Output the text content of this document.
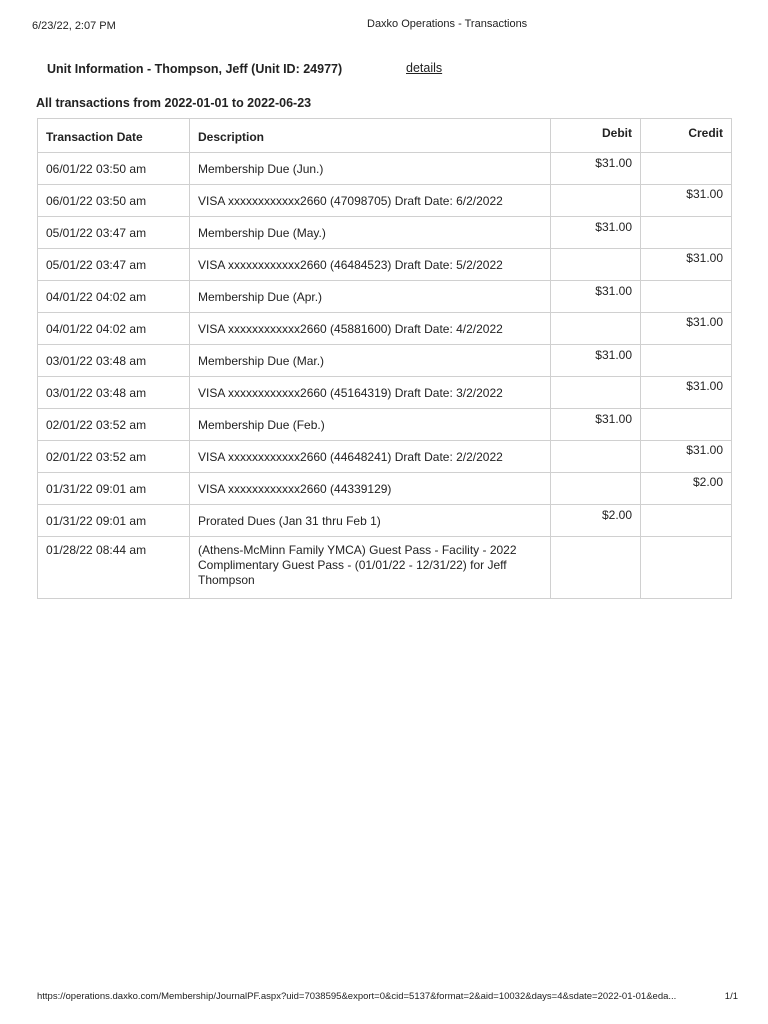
6/23/22, 2:07 PM	Daxko Operations - Transactions
Unit Information - Thompson, Jeff (Unit ID: 24977)	details
All transactions from 2022-01-01 to 2022-06-23
Transaction Date	Description	Debit	Credit
06/01/22 03:50 am	Membership Due (Jun.)	$31.00	
06/01/22 03:50 am	VISA xxxxxxxxxxxx2660 (47098705) Draft Date: 6/2/2022		$31.00
05/01/22 03:47 am	Membership Due (May.)	$31.00	
05/01/22 03:47 am	VISA xxxxxxxxxxxx2660 (46484523) Draft Date: 5/2/2022		$31.00
04/01/22 04:02 am	Membership Due (Apr.)	$31.00	
04/01/22 04:02 am	VISA xxxxxxxxxxxx2660 (45881600) Draft Date: 4/2/2022		$31.00
03/01/22 03:48 am	Membership Due (Mar.)	$31.00	
03/01/22 03:48 am	VISA xxxxxxxxxxxx2660 (45164319) Draft Date: 3/2/2022		$31.00
02/01/22 03:52 am	Membership Due (Feb.)	$31.00	
02/01/22 03:52 am	VISA xxxxxxxxxxxx2660 (44648241) Draft Date: 2/2/2022		$31.00
01/31/22 09:01 am	VISA xxxxxxxxxxxx2660 (44339129)		$2.00
01/31/22 09:01 am	Prorated Dues (Jan 31 thru Feb 1)	$2.00	
01/28/22 08:44 am	(Athens-McMinn Family YMCA) Guest Pass - Facility - 2022 Complimentary Guest Pass - (01/01/22 - 12/31/22) for Jeff Thompson		
https://operations.daxko.com/Membership/JournalPF.aspx?uid=7038595&export=0&cid=5137&format=2&aid=10032&days=4&sdate=2022-01-01&eda...	1/1
